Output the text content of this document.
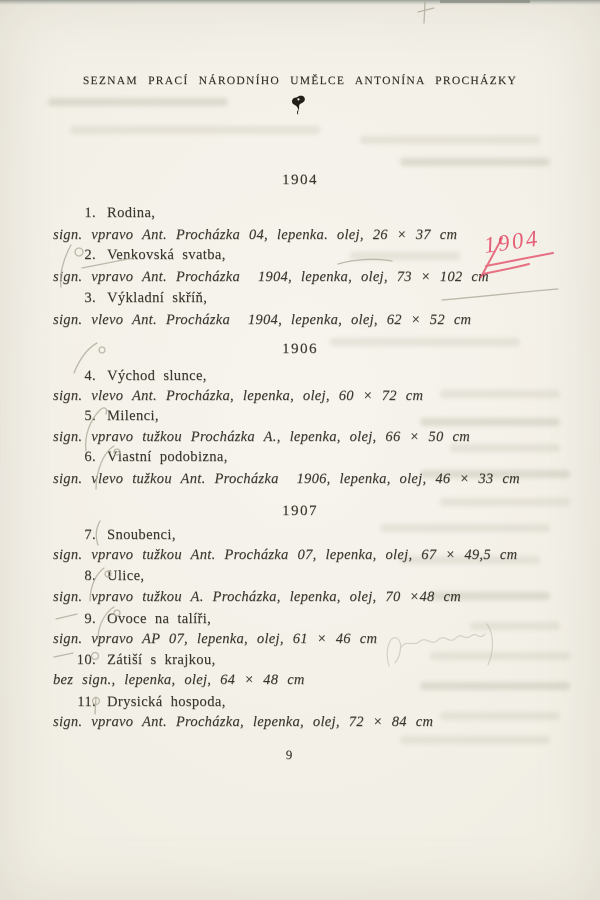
SEZNAM PRACÍ NÁRODNÍHO UMĚLCE ANTONÍNA PROCHÁZKY
1904
1. Rodina,
sign. vpravo Ant. Procházka 04, lepenka. olej, 26 × 37 cm
2. Venkovská svatba,
sign. vpravo Ant. Procházka  1904, lepenka, olej, 73 × 102 cm
3. Výkladní skříň,
sign. vlevo Ant. Procházka  1904, lepenka, olej, 62 × 52 cm
1906
4. Východ slunce,
sign. vlevo Ant. Procházka, lepenka, olej, 60 × 72 cm
5. Milenci,
sign. vpravo tužkou Procházka A., lepenka, olej, 66 × 50 cm
6. Vlastní podobizna,
sign. vlevo tužkou Ant. Procházka  1906, lepenka, olej, 46 × 33 cm
1907
7. Snoubenci,
sign. vpravo tužkou Ant. Procházka 07, lepenka, olej, 67 × 49,5 cm
8. Ulice,
sign. vpravo tužkou A. Procházka, lepenka, olej, 70 ×48 cm
9. Ovoce na talíři,
sign. vpravo AP 07, lepenka, olej, 61 × 46 cm
10. Zátiší s krajkou,
bez sign., lepenka, olej, 64 × 48 cm
11. Drysická hospoda,
sign. vpravo Ant. Procházka, lepenka, olej, 72 × 84 cm
9
1904
